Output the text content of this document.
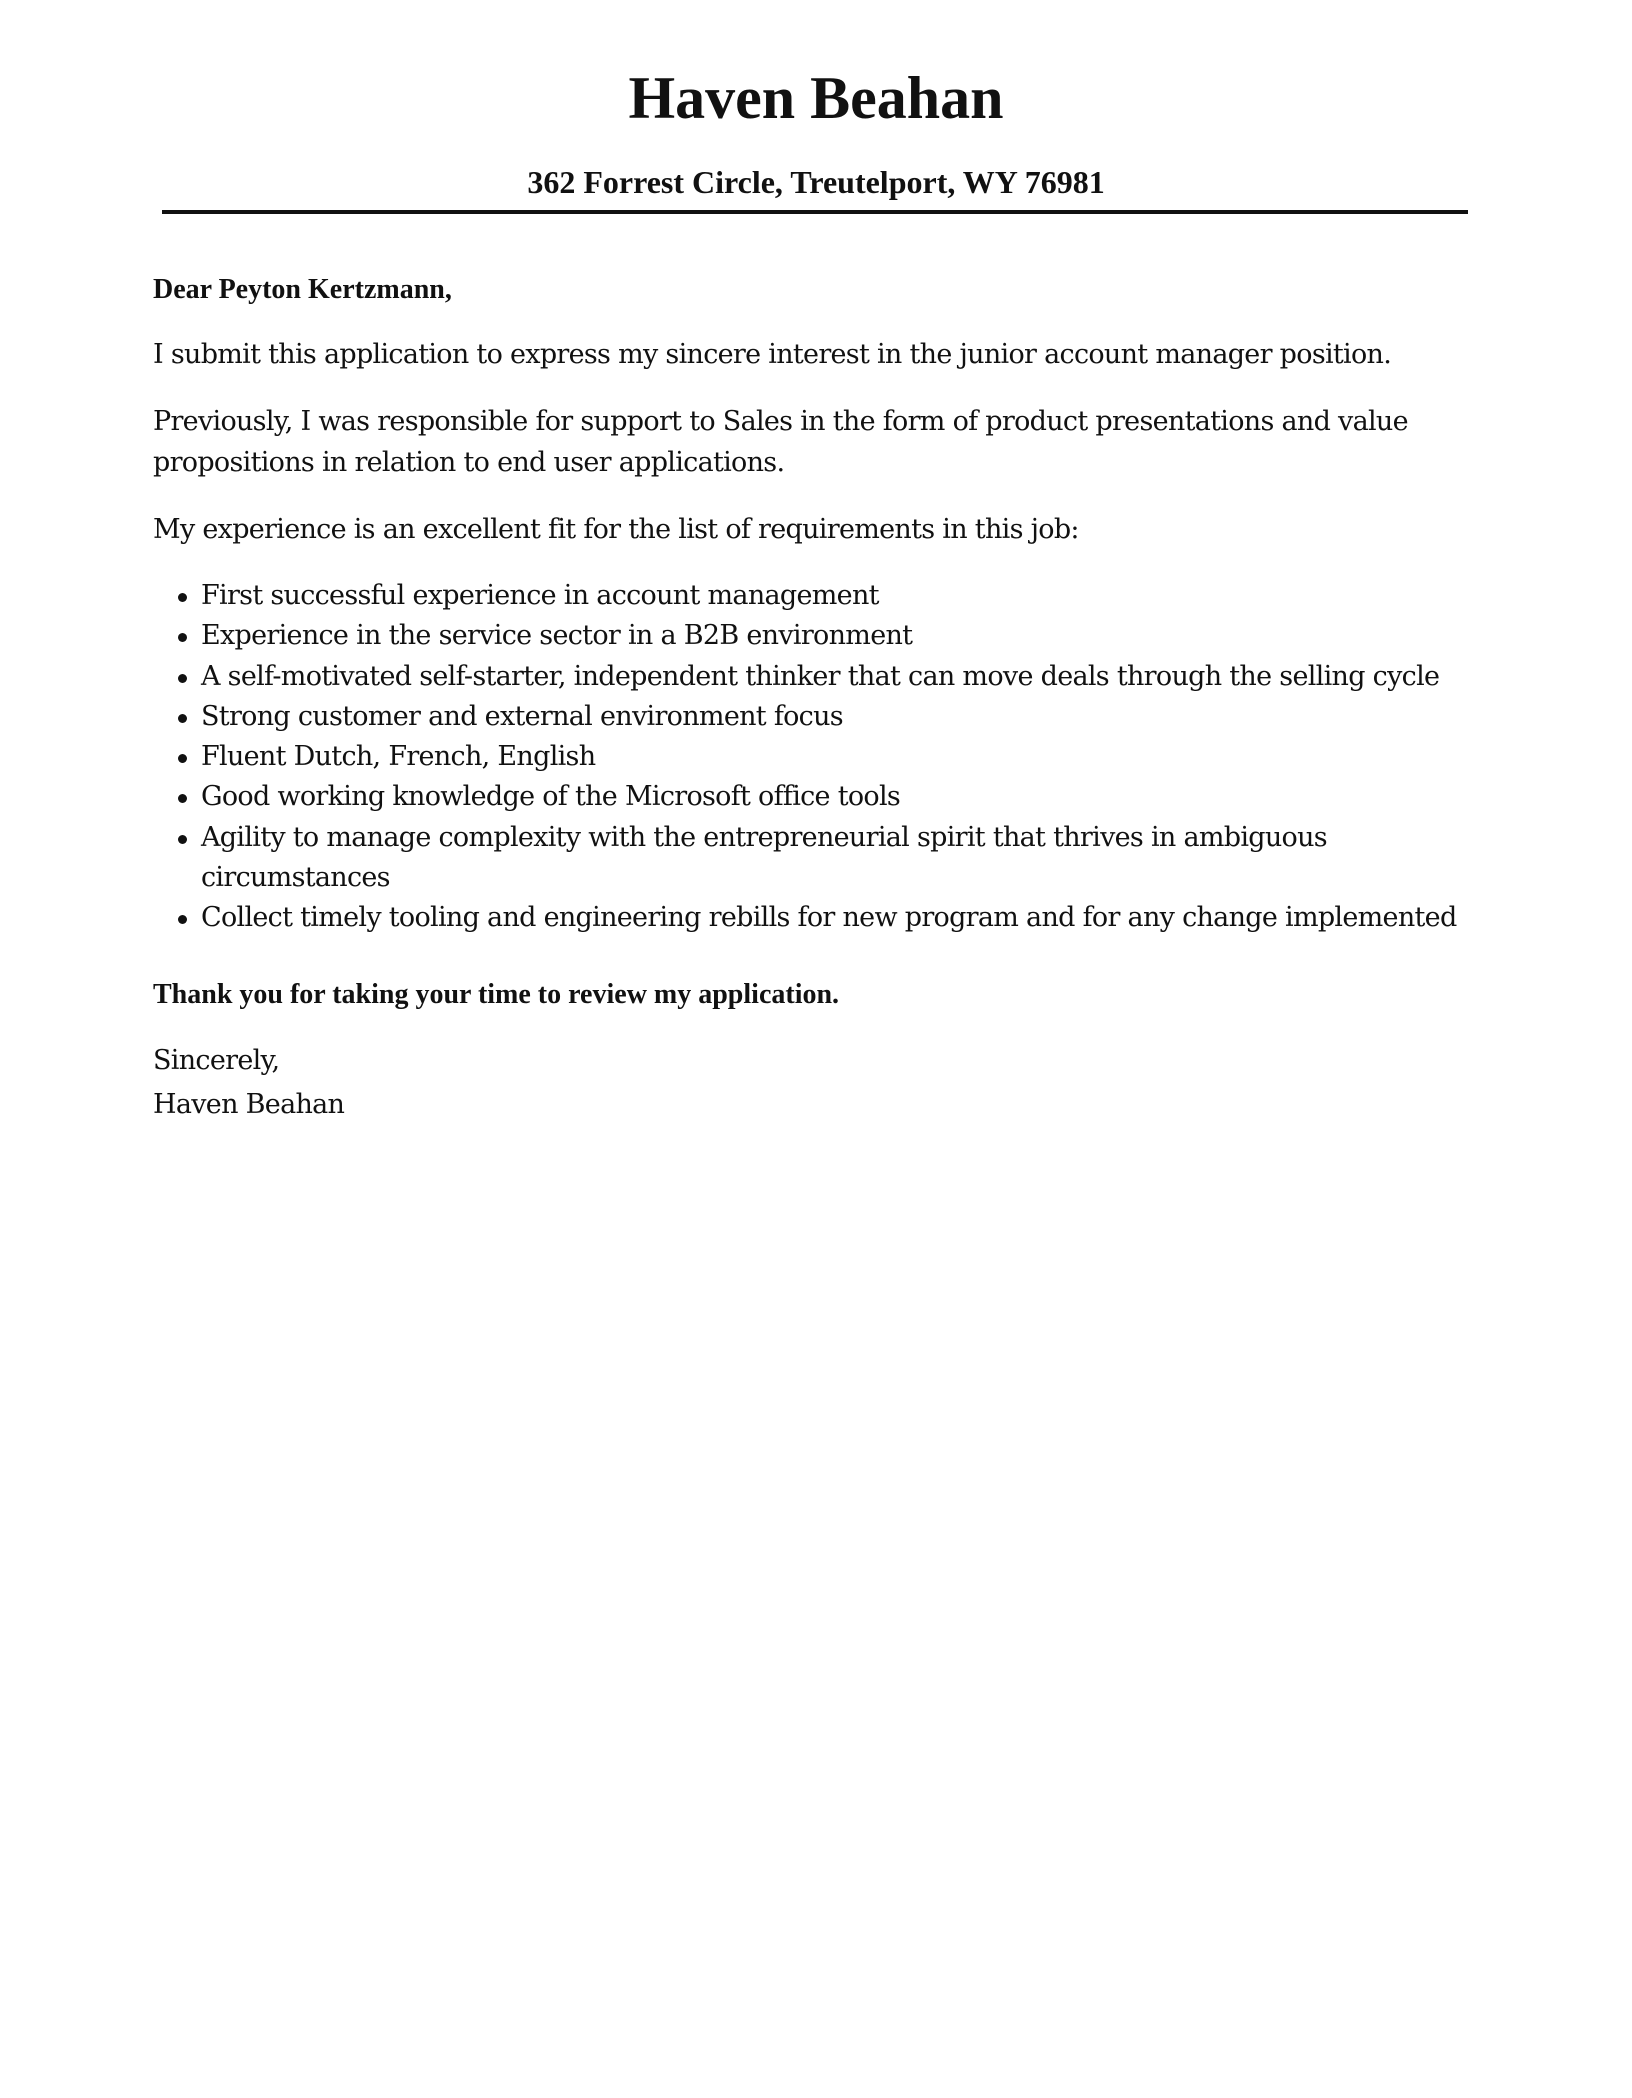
Haven Beahan
362 Forrest Circle, Treutelport, WY 76981

Dear Peyton Kertzmann,

I submit this application to express my sincere interest in the junior account manager position.

Previously, I was responsible for support to Sales in the form of product presentations and value propositions in relation to end user applications.

My experience is an excellent fit for the list of requirements in this job:

First successful experience in account management
Experience in the service sector in a B2B environment
A self-motivated self-starter, independent thinker that can move deals through the selling cycle
Strong customer and external environment focus
Fluent Dutch, French, English
Good working knowledge of the Microsoft office tools
Agility to manage complexity with the entrepreneurial spirit that thrives in ambiguous circumstances
Collect timely tooling and engineering rebills for new program and for any change implemented

Thank you for taking your time to review my application.

Sincerely,

Haven Beahan
